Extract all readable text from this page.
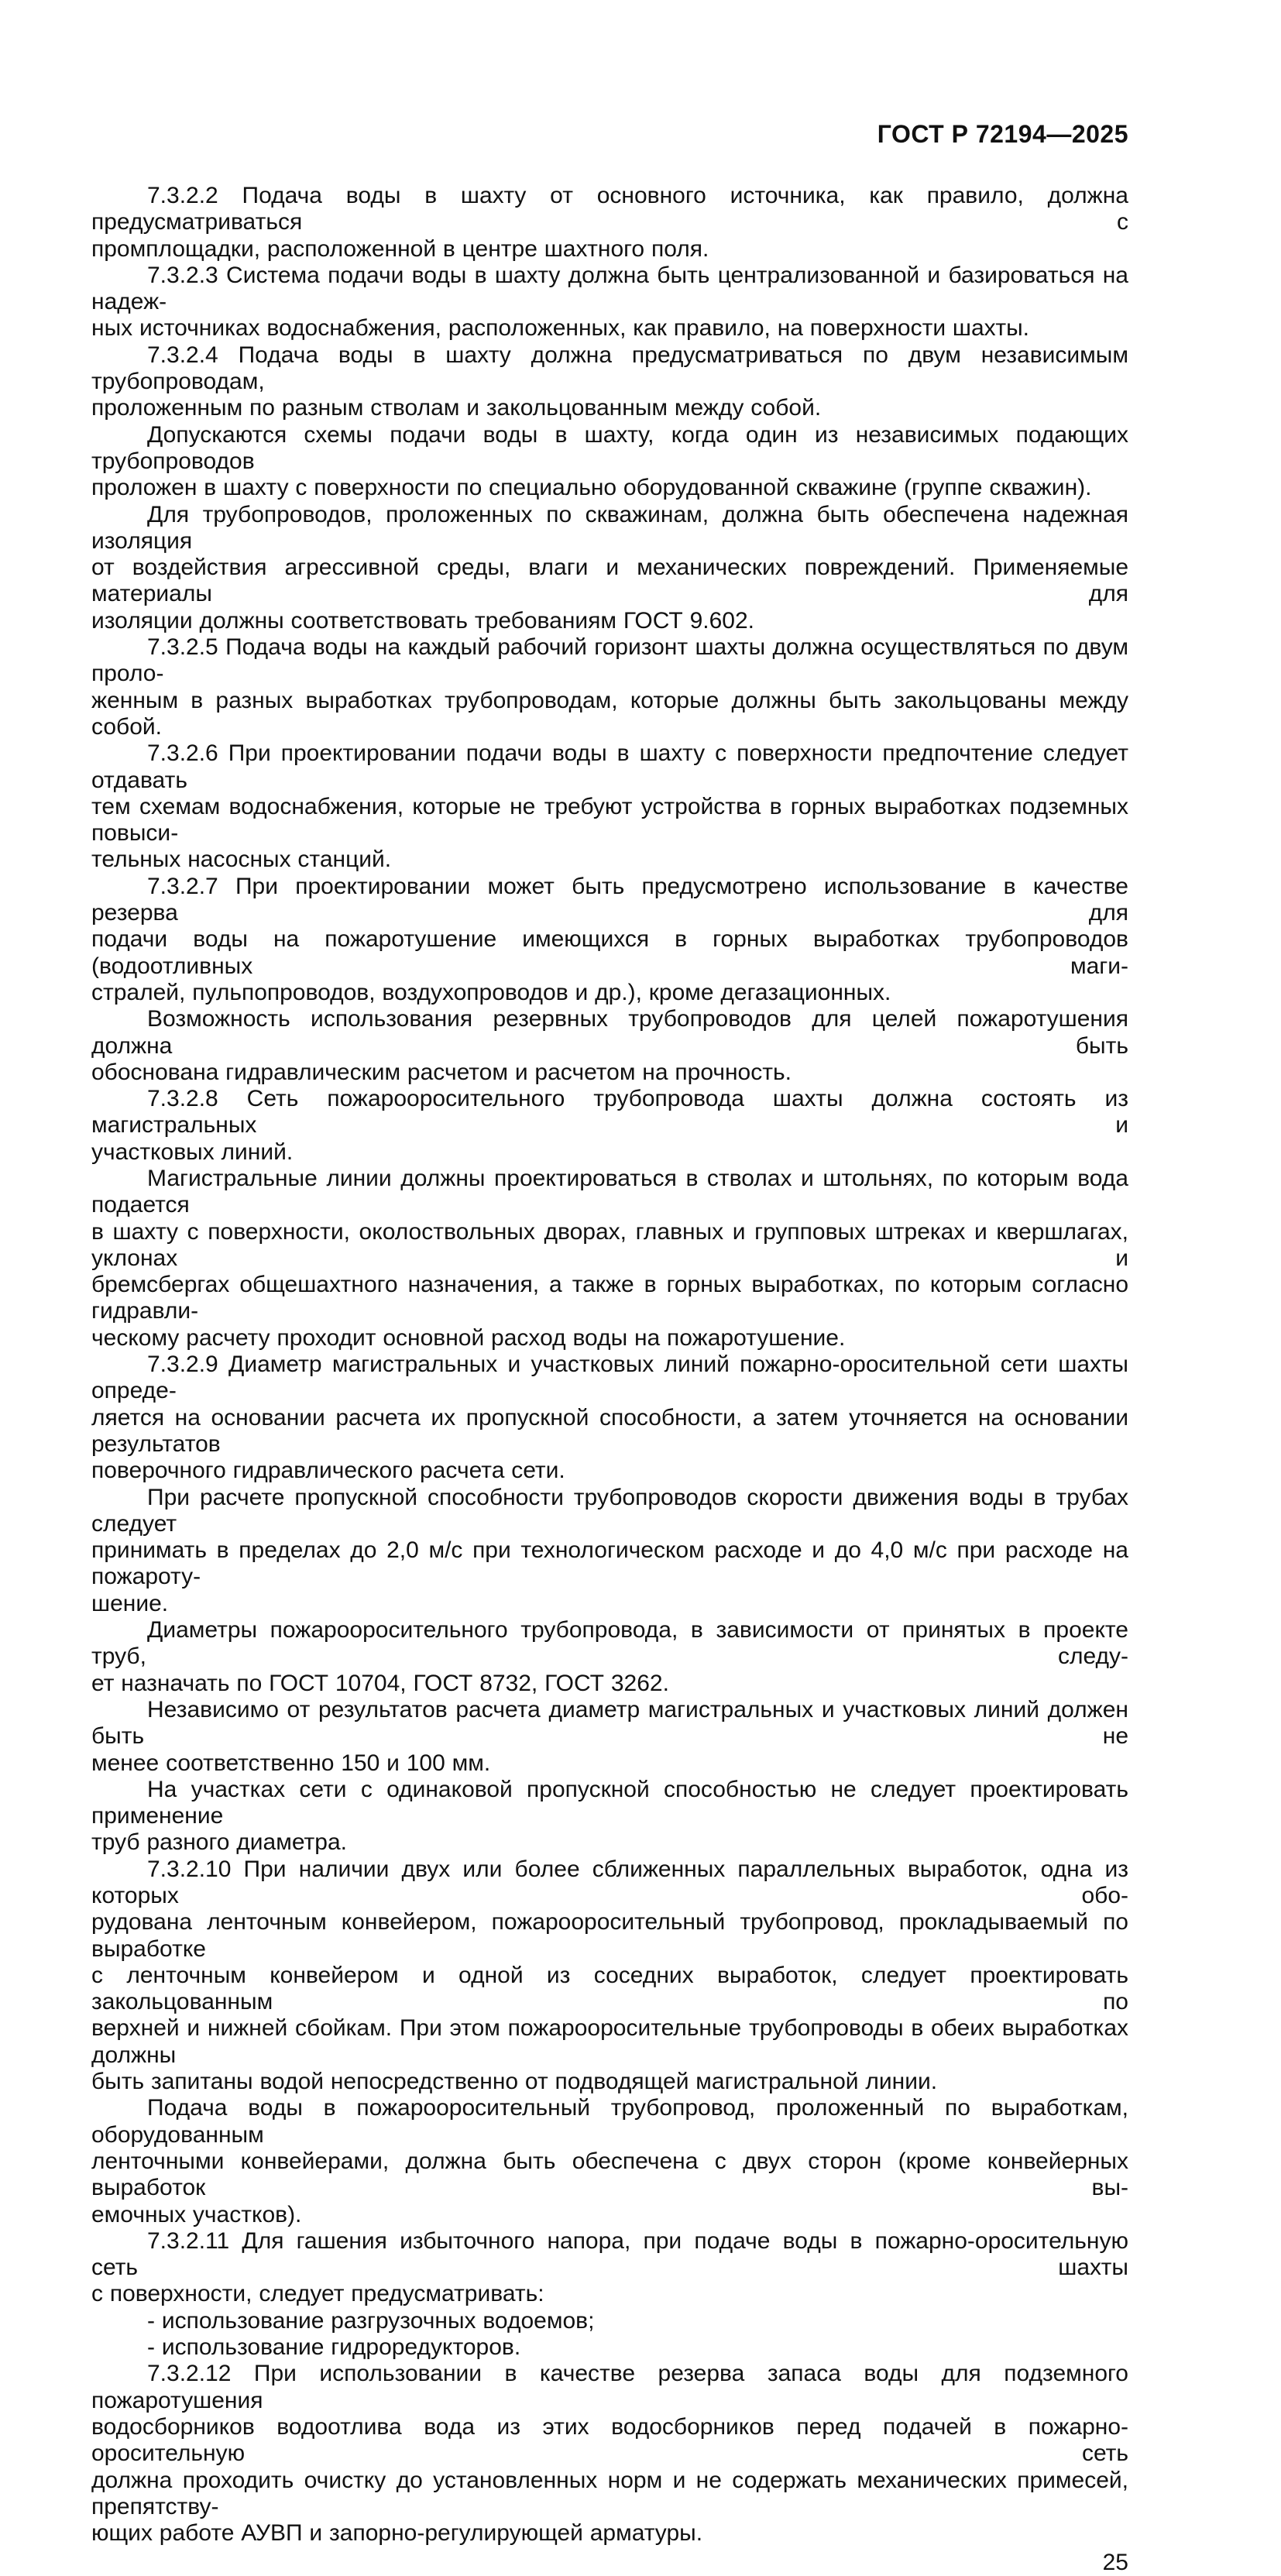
ГОСТ Р 72194—2025
7.3.2.2 Подача воды в шахту от основного источника, как правило, должна предусматриваться с
промплощадки, расположенной в центре шахтного поля.
7.3.2.3 Система подачи воды в шахту должна быть централизованной и базироваться на надеж-
ных источниках водоснабжения, расположенных, как правило, на поверхности шахты.
7.3.2.4 Подача воды в шахту должна предусматриваться по двум независимым трубопроводам,
проложенным по разным стволам и закольцованным между собой.
Допускаются схемы подачи воды в шахту, когда один из независимых подающих трубопроводов
проложен в шахту с поверхности по специально оборудованной скважине (группе скважин).
Для трубопроводов, проложенных по скважинам, должна быть обеспечена надежная изоляция
от воздействия агрессивной среды, влаги и механических повреждений. Применяемые материалы для
изоляции должны соответствовать требованиям ГОСТ 9.602.
7.3.2.5 Подача воды на каждый рабочий горизонт шахты должна осуществляться по двум проло-
женным в разных выработках трубопроводам, которые должны быть закольцованы между собой.
7.3.2.6 При проектировании подачи воды в шахту с поверхности предпочтение следует отдавать
тем схемам водоснабжения, которые не требуют устройства в горных выработках подземных повыси-
тельных насосных станций.
7.3.2.7 При проектировании может быть предусмотрено использование в качестве резерва для
подачи воды на пожаротушение имеющихся в горных выработках трубопроводов (водоотливных маги-
стралей, пульпопроводов, воздухопроводов и др.), кроме дегазационных.
Возможность использования резервных трубопроводов для целей пожаротушения должна быть
обоснована гидравлическим расчетом и расчетом на прочность.
7.3.2.8 Сеть пожарооросительного трубопровода шахты должна состоять из магистральных и
участковых линий.
Магистральные линии должны проектироваться в стволах и штольнях, по которым вода подается
в шахту с поверхности, околоствольных дворах, главных и групповых штреках и квершлагах, уклонах и
бремсбергах общешахтного назначения, а также в горных выработках, по которым согласно гидравли-
ческому расчету проходит основной расход воды на пожаротушение.
7.3.2.9 Диаметр магистральных и участковых линий пожарно-оросительной сети шахты опреде-
ляется на основании расчета их пропускной способности, а затем уточняется на основании результатов
поверочного гидравлического расчета сети.
При расчете пропускной способности трубопроводов скорости движения воды в трубах следует
принимать в пределах до 2,0 м/с при технологическом расходе и до 4,0 м/с при расходе на пожароту-
шение.
Диаметры пожарооросительного трубопровода, в зависимости от принятых в проекте труб, следу-
ет назначать по ГОСТ 10704, ГОСТ 8732, ГОСТ 3262.
Независимо от результатов расчета диаметр магистральных и участковых линий должен быть не
менее соответственно 150 и 100 мм.
На участках сети с одинаковой пропускной способностью не следует проектировать применение
труб разного диаметра.
7.3.2.10 При наличии двух или более сближенных параллельных выработок, одна из которых обо-
рудована ленточным конвейером, пожарооросительный трубопровод, прокладываемый по выработке
с ленточным конвейером и одной из соседних выработок, следует проектировать закольцованным по
верхней и нижней сбойкам. При этом пожарооросительные трубопроводы в обеих выработках должны
быть запитаны водой непосредственно от подводящей магистральной линии.
Подача воды в пожарооросительный трубопровод, проложенный по выработкам, оборудованным
ленточными конвейерами, должна быть обеспечена с двух сторон (кроме конвейерных выработок вы-
емочных участков).
7.3.2.11 Для гашения избыточного напора, при подаче воды в пожарно-оросительную сеть шахты
с поверхности, следует предусматривать:
- использование разгрузочных водоемов;
- использование гидроредукторов.
7.3.2.12 При использовании в качестве резерва запаса воды для подземного пожаротушения
водосборников водоотлива вода из этих водосборников перед подачей в пожарно-оросительную сеть
должна проходить очистку до установленных норм и не содержать механических примесей, препятству-
ющих работе АУВП и запорно-регулирующей арматуры.
25
